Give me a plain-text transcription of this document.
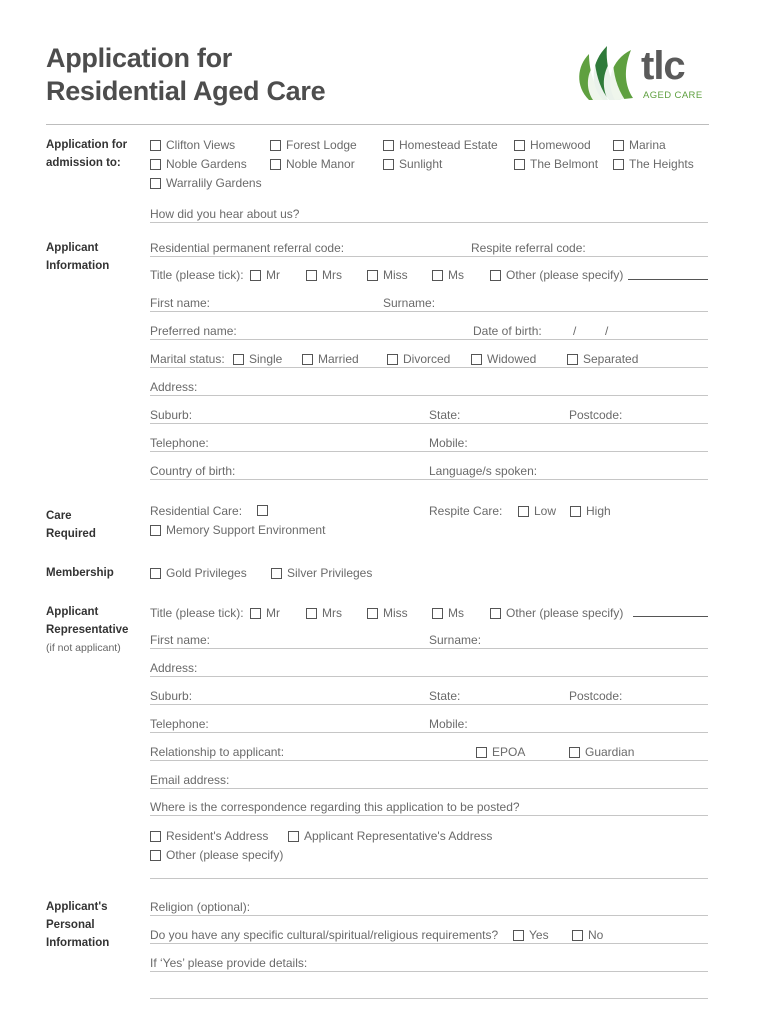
Application for
Residential Aged Care
tlc
AGED CARE
Application for
admission to:
Clifton Views	Forest Lodge	Homestead Estate	Homewood	Marina
Noble Gardens	Noble Manor	Sunlight	The Belmont	The Heights
Warralily Gardens
How did you hear about us?
Applicant
Information
Residential permanent referral code:	Respite referral code:
Title (please tick):	Mr	Mrs	Miss	Ms	Other (please specify)
First name:	Surname:
Preferred name:	Date of birth:	/ /
Marital status:	Single	Married	Divorced	Widowed	Separated
Address:
Suburb:	State:	Postcode:
Telephone:	Mobile:
Country of birth:	Language/s spoken:
Care
Required
Residential Care:	Respite Care:	Low	High
Memory Support Environment
Membership	Gold Privileges	Silver Privileges
Applicant
Representative
(if not applicant)
Title (please tick):	Mr	Mrs	Miss	Ms	Other (please specify)
First name:	Surname:
Address:
Suburb:	State:	Postcode:
Telephone:	Mobile:
Relationship to applicant:	EPOA	Guardian
Email address:
Where is the correspondence regarding this application to be posted?
Resident's Address	Applicant Representative's Address
Other (please specify)
Applicant's
Personal
Information
Religion (optional):
Do you have any specific cultural/spiritual/religious requirements?	Yes	No
If ‘Yes’ please provide details:
